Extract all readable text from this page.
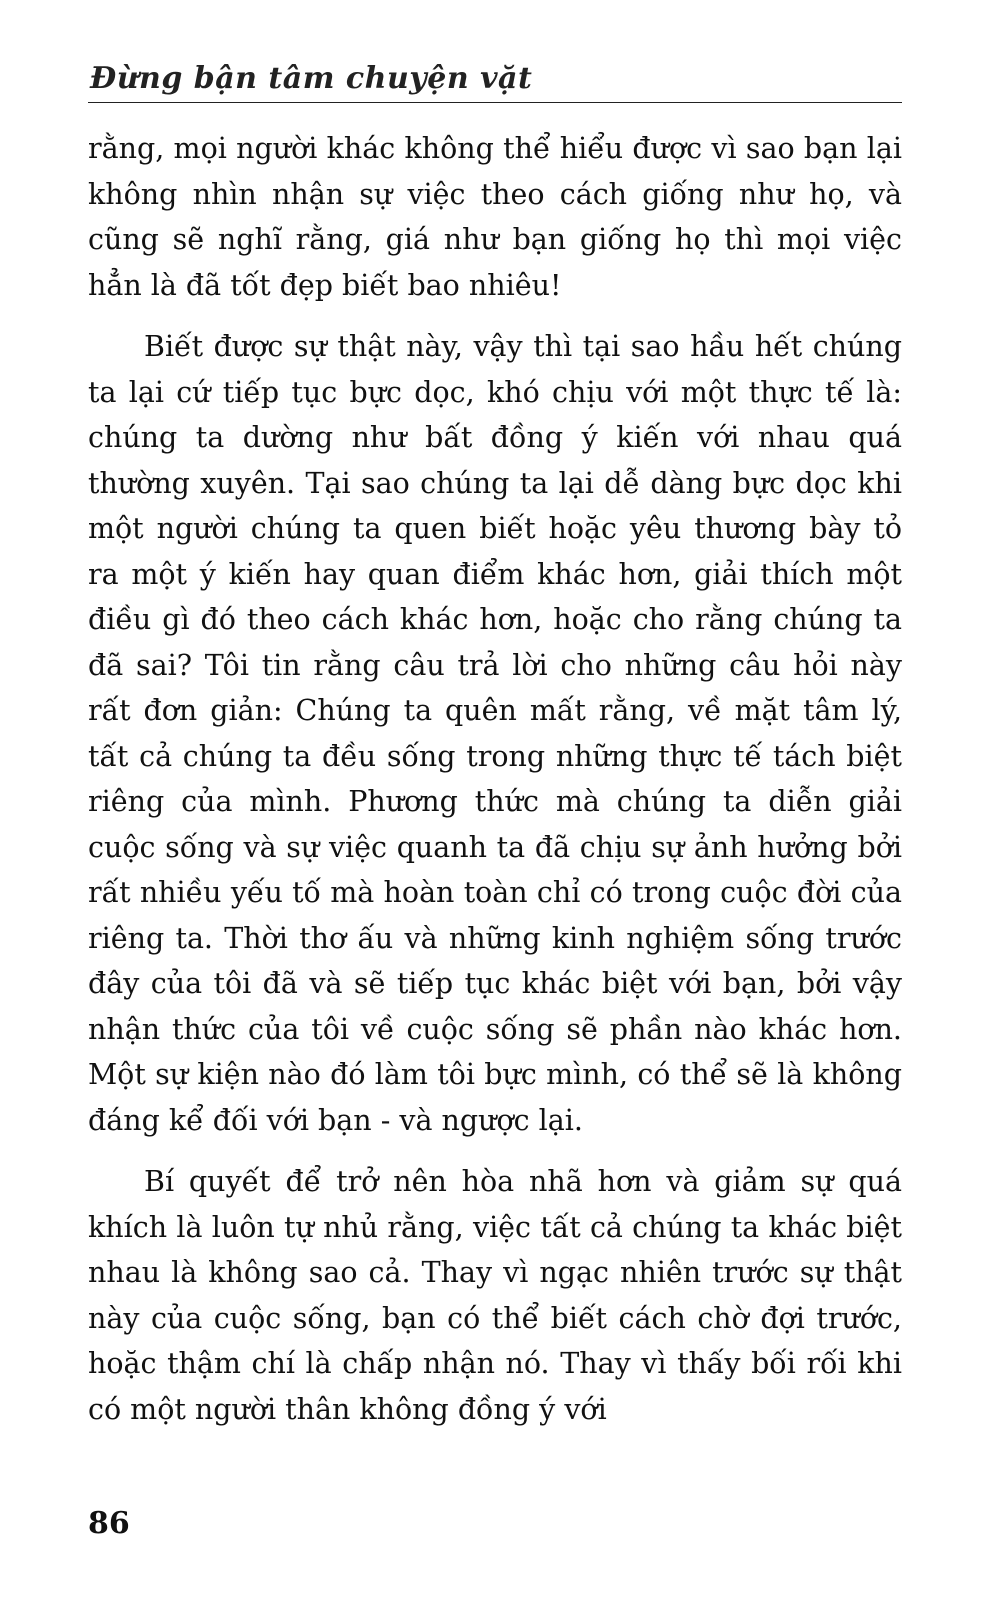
Đừng bận tâm chuyện vặt

rằng, mọi người khác không thể hiểu được vì sao bạn lại không nhìn nhận sự việc theo cách giống như họ, và cũng sẽ nghĩ rằng, giá như bạn giống họ thì mọi việc hẳn là đã tốt đẹp biết bao nhiêu!

Biết được sự thật này, vậy thì tại sao hầu hết chúng ta lại cứ tiếp tục bực dọc, khó chịu với một thực tế là: chúng ta dường như bất đồng ý kiến với nhau quá thường xuyên. Tại sao chúng ta lại dễ dàng bực dọc khi một người chúng ta quen biết hoặc yêu thương bày tỏ ra một ý kiến hay quan điểm khác hơn, giải thích một điều gì đó theo cách khác hơn, hoặc cho rằng chúng ta đã sai? Tôi tin rằng câu trả lời cho những câu hỏi này rất đơn giản: Chúng ta quên mất rằng, về mặt tâm lý, tất cả chúng ta đều sống trong những thực tế tách biệt riêng của mình. Phương thức mà chúng ta diễn giải cuộc sống và sự việc quanh ta đã chịu sự ảnh hưởng bởi rất nhiều yếu tố mà hoàn toàn chỉ có trong cuộc đời của riêng ta. Thời thơ ấu và những kinh nghiệm sống trước đây của tôi đã và sẽ tiếp tục khác biệt với bạn, bởi vậy nhận thức của tôi về cuộc sống sẽ phần nào khác hơn. Một sự kiện nào đó làm tôi bực mình, có thể sẽ là không đáng kể đối với bạn - và ngược lại.

Bí quyết để trở nên hòa nhã hơn và giảm sự quá khích là luôn tự nhủ rằng, việc tất cả chúng ta khác biệt nhau là không sao cả. Thay vì ngạc nhiên trước sự thật này của cuộc sống, bạn có thể biết cách chờ đợi trước, hoặc thậm chí là chấp nhận nó. Thay vì thấy bối rối khi có một người thân không đồng ý với

86
